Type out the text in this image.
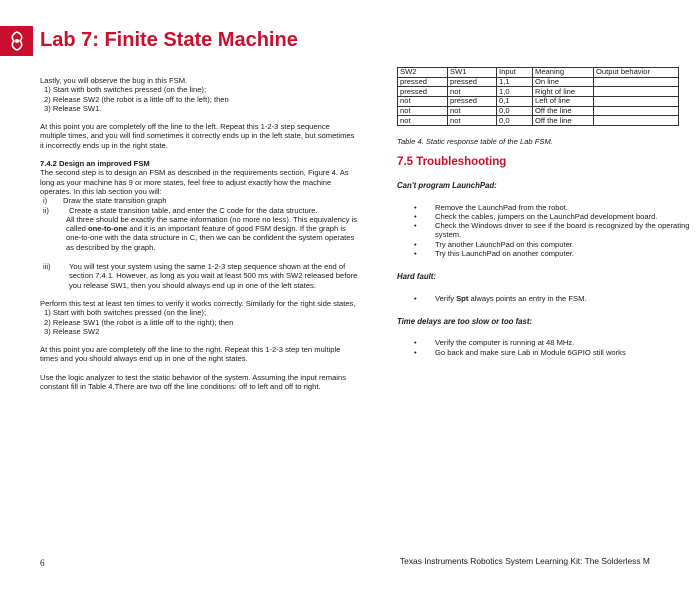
Lab 7: Finite State Machine

Lastly, you will observe the bug in this FSM.

1) Start with both switches pressed (on the line);

2) Release SW2 (the robot is a little off to the left); then

3) Release SW1.

At this point you are completely off the line to the left. Repeat this 1-2-3 step sequence multiple times, and you will find sometimes it correctly ends up in the left state, but sometimes it incorrectly ends up in the right state.

7.4.2 Design an improved FSM

The second step is to design an FSM as described in the requirements section, Figure 4. As long as your machine has 9 or more states, feel free to adjust exactly how the machine operates. In this lab section you will:

i)	Draw the state transition graph
ii)	Create a state transition table, and enter the C code for the data structure.

All three should be exactly the same information (no more no less). This equivalency is called one-to-one and it is an important feature of good FSM design. If the graph is one-to-one with the data structure in C, then we can be confident the system operates as described by the graph.

iii)	You will test your system using the same 1-2-3 step sequence shown at the end of section 7.4.1. However, as long as you wait at least 500 ms with SW2 released before you release SW1, then you should always end up in one of the left states.

Perform this test at least ten times to verify it works correctly. Similarly for the right side states,

1) Start with both switches pressed (on the line);

2) Release SW1 (the robot is a little off to the right); then

3) Release SW2

At this point you are completely off the line to the right. Repeat this 1-2-3 step ten multiple times and you should always end up in one of the right states.

Use the logic analyzer to test the static behavior of the system. Assuming the input remains constant fill in Table 4.There are two off the line conditions: off to left and off to right.

6
SW2	SW1	Input	Meaning	Output behavior
pressed	pressed	1,1	On line	
pressed	not	1,0	Right of line	
not	pressed	0,1	Left of line	
not	not	0,0	Off the line	
not	not	0,0	Off the line	
Table 4. Static response table of the Lab FSM.

7.5 Troubleshooting

Can't program LaunchPad:

•	Remove the LaunchPad from the robot.
•	Check the cables, jumpers on the LaunchPad development board.
•	Check the Windows driver to see if the board is recognized by the operating system.
•	Try another LaunchPad on this computer.
•	Try this LaunchPad on another computer.

Hard fault:

•	Verify Spt always points an entry in the FSM.

Time delays are too slow or too fast:

•	Verify the computer is running at 48 MHz.
•	Go back and make sure Lab in Module 6GPIO still works
Texas Instruments Robotics System Learning Kit: The Solderless M
